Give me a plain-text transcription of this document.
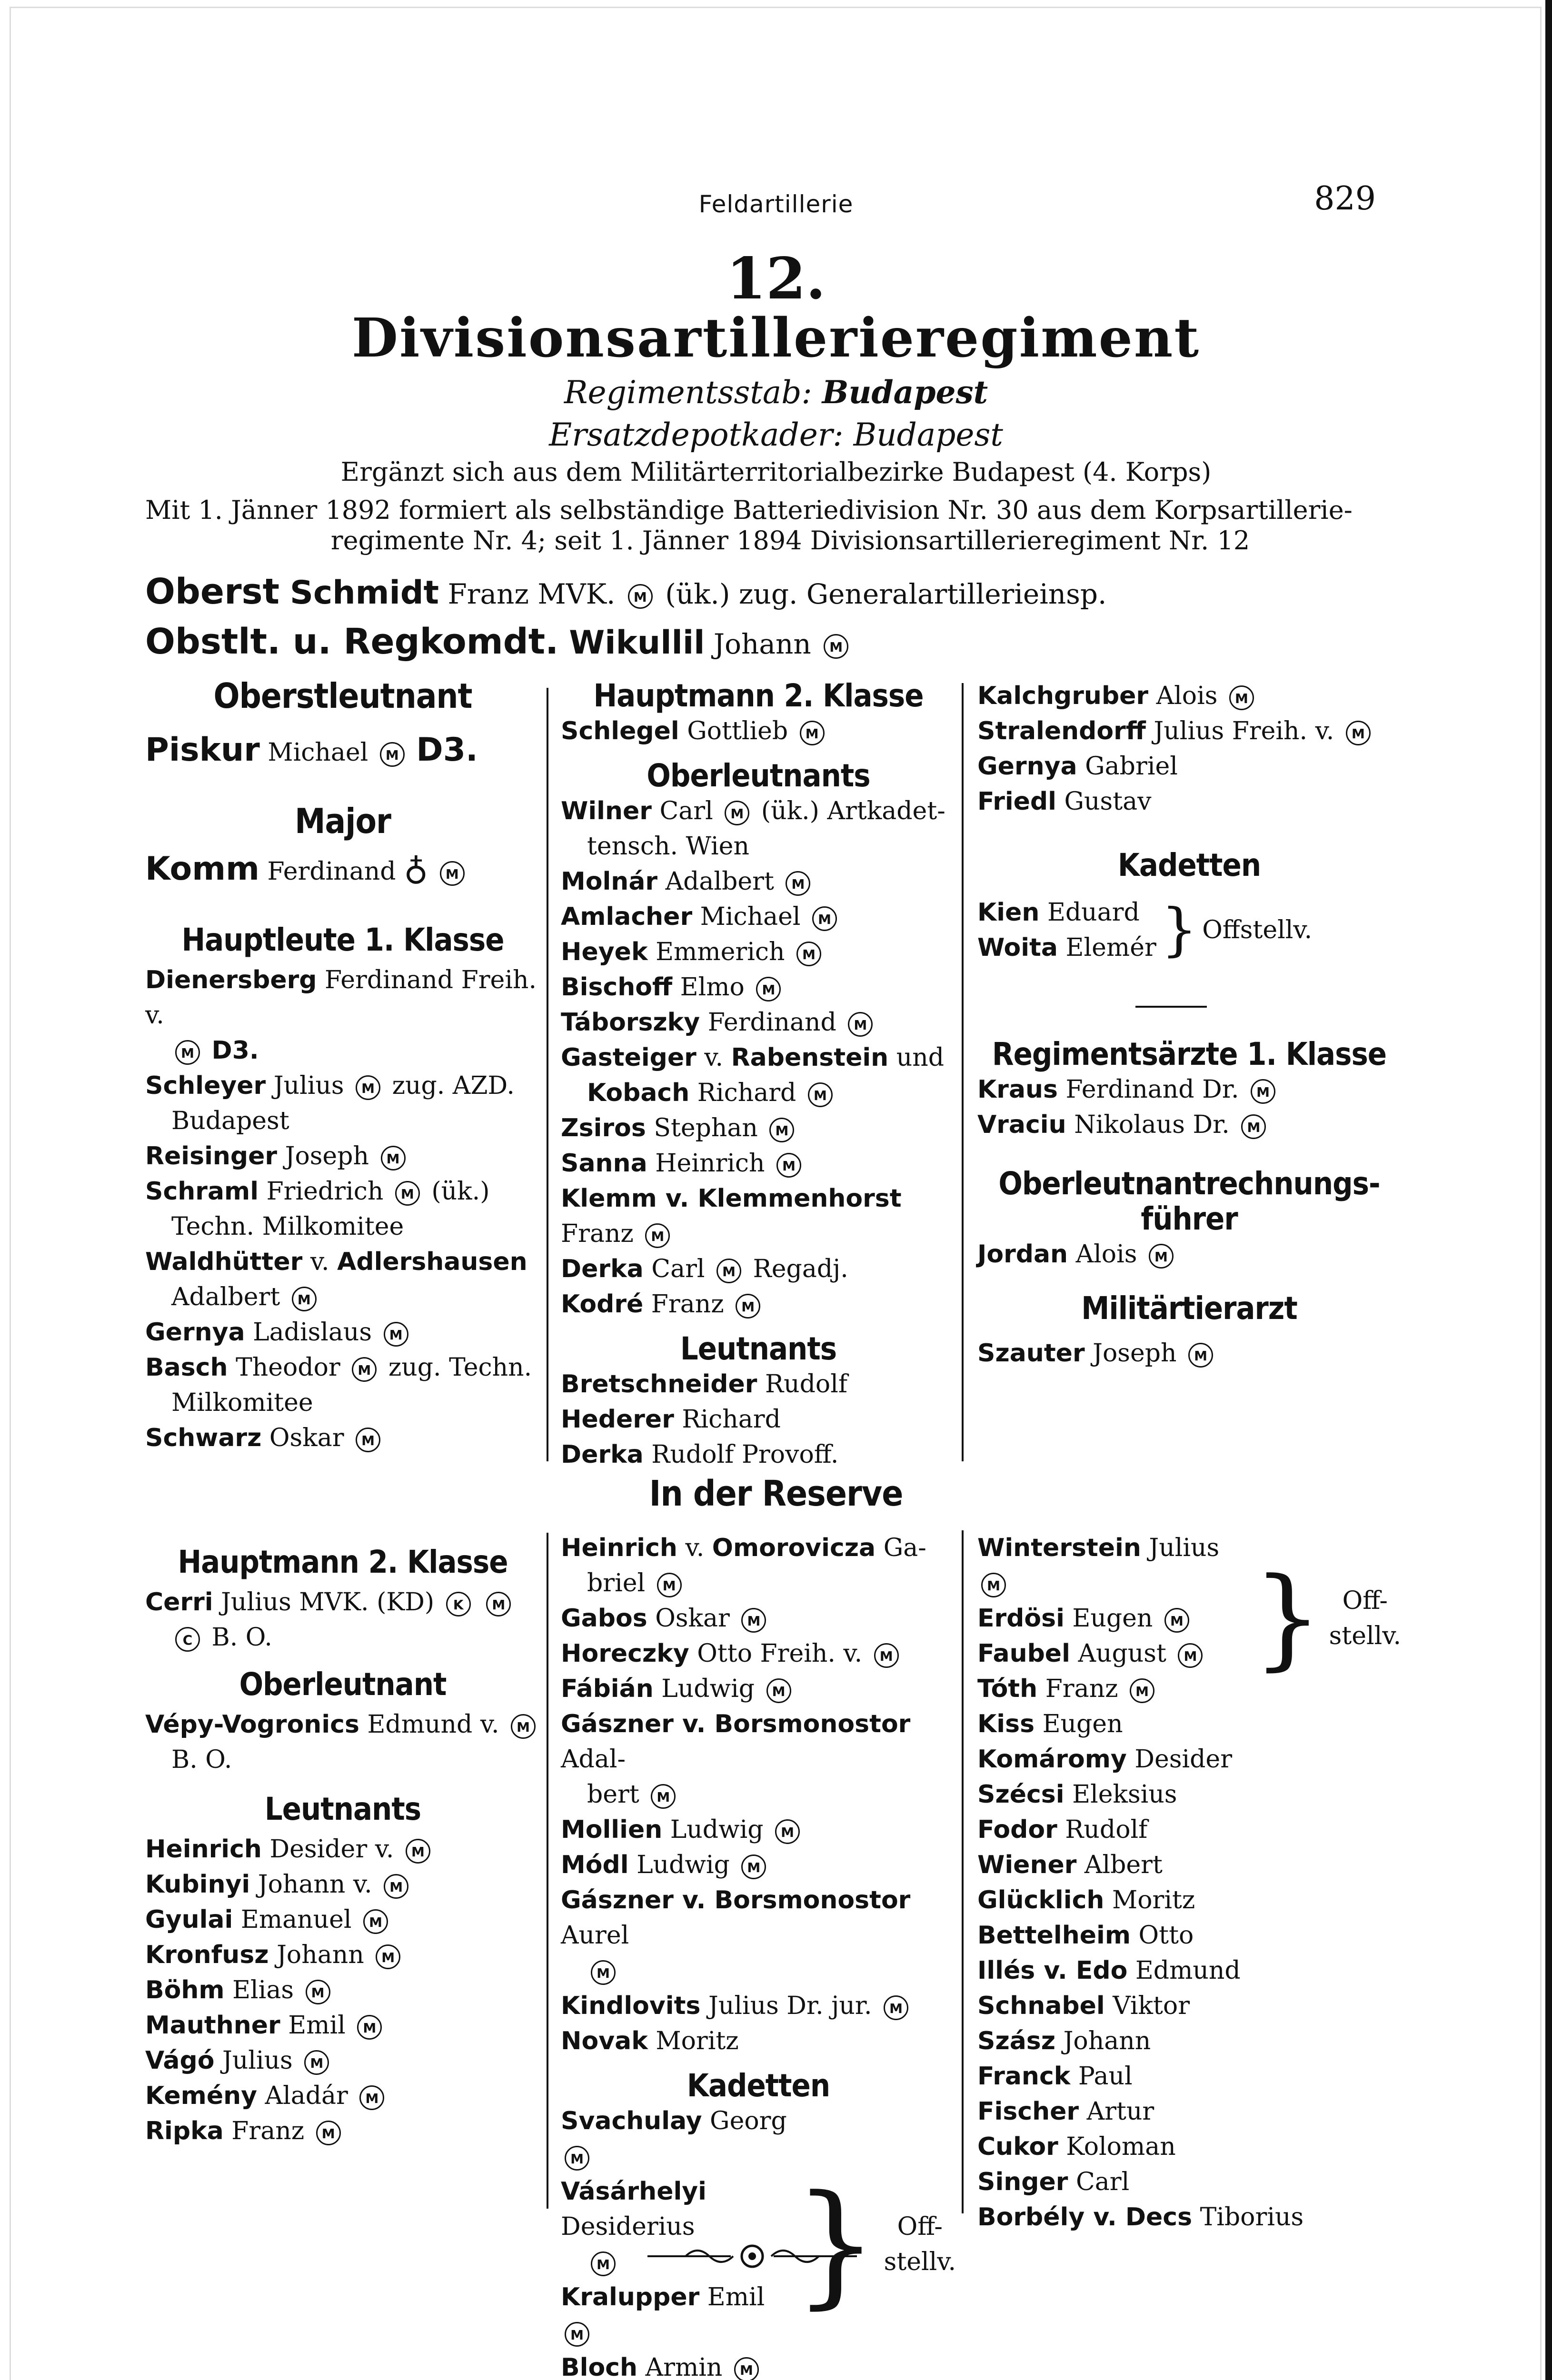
Feldartillerie	829
12.
Divisionsartillerieregiment
Regimentsstab: Budapest
Ersatzdepotkader: Budapest
Ergänzt sich aus dem Militärterritorialbezirke Budapest (4. Korps)
Mit 1. Jänner 1892 formiert als selbständige Batteriedivision Nr. 30 aus dem Korpsartillerie-
regimente Nr. 4; seit 1. Jänner 1894 Divisionsartillerieregiment Nr. 12
Oberst Schmidt Franz MVK. M (ük.) zug. Generalartillerieinsp.
Obstlt. u. Regkomdt. Wikullil Johann M

Oberstleutnant

Piskur Michael M D3.

Major

Komm Ferdinand ♁ M

Hauptleute 1. Klasse

Dienersberg Ferdinand Freih. v.

M D3.

Schleyer Julius M zug. AZD.

Budapest

Reisinger Joseph M

Schraml Friedrich M (ük.)

Techn. Milkomitee

Waldhütter v. Adlershausen

Adalbert M

Gernya Ladislaus M

Basch Theodor M zug. Techn.

Milkomitee

Schwarz Oskar M

Hauptmann 2. Klasse

Schlegel Gottlieb M

Oberleutnants

Wilner Carl M (ük.) Artkadet-

tensch. Wien

Molnár Adalbert M

Amlacher Michael M

Heyek Emmerich M

Bischoff Elmo M

Táborszky Ferdinand M

Gasteiger v. Rabenstein und

Kobach Richard M

Zsiros Stephan M

Sanna Heinrich M

Klemm v. Klemmenhorst Franz M

Derka Carl M Regadj.

Kodré Franz M

Leutnants

Bretschneider Rudolf

Hederer Richard

Derka Rudolf Provoff.

Kalchgruber Alois M

Stralendorff Julius Freih. v. M

Gernya Gabriel

Friedl Gustav

Kadetten

Kien Eduard

Woita Elemér } Offstellv.

Regimentsärzte 1. Klasse

Kraus Ferdinand Dr. M

Vraciu Nikolaus Dr. M

Oberleutnantrechnungs-

führer

Jordan Alois M

Militärtierarzt

Szauter Joseph M

In der Reserve

Hauptmann 2. Klasse

Cerri Julius MVK. (KD) K M

C B. O.

Oberleutnant

Vépy-Vogronics Edmund v. M

B. O.

Leutnants

Heinrich Desider v. M

Kubinyi Johann v. M

Gyulai Emanuel M

Kronfusz Johann M

Böhm Elias M

Mauthner Emil M

Vágó Julius M

Kemény Aladár M

Ripka Franz M

Heinrich v. Omorovicza Ga-

briel M

Gabos Oskar M

Horeczky Otto Freih. v. M

Fábián Ludwig M

Gászner v. Borsmonostor Adal-

bert M

Mollien Ludwig M

Módl Ludwig M

Gászner v. Borsmonostor Aurel

M

Kindlovits Julius Dr. jur. M

Novak Moritz

Kadetten

Svachulay Georg M

Vásárhelyi Desiderius

M

Kralupper Emil M

Bloch Armin M

} Off-
stellv.

Winterstein Julius M

Erdösi Eugen M

Faubel August M

Tóth Franz M

} Off-
stellv.

Kiss Eugen

Komáromy Desider

Szécsi Eleksius

Fodor Rudolf

Wiener Albert

Glücklich Moritz

Bettelheim Otto

Illés v. Edo Edmund

Schnabel Viktor

Szász Johann

Franck Paul

Fischer Artur

Cukor Koloman

Singer Carl

Borbély v. Decs Tiborius
